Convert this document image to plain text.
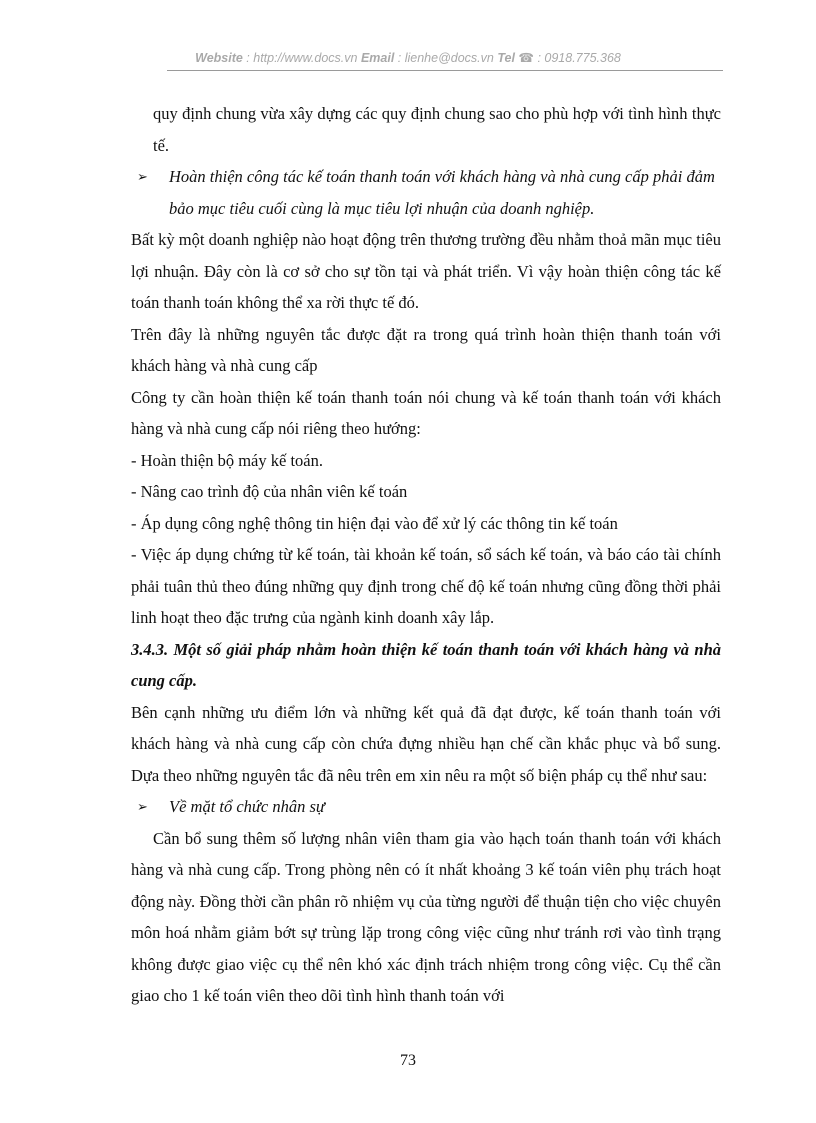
Website : http://www.docs.vn Email : lienhe@docs.vn Tel ☎ : 0918.775.368

quy định chung vừa xây dựng các quy định chung sao cho phù hợp với tình hình thực tế.

➢ Hoàn thiện công tác kế toán thanh toán với khách hàng và nhà cung cấp phải đảm bảo mục tiêu cuối cùng là mục tiêu lợi nhuận của doanh nghiệp.

Bất kỳ một doanh nghiệp nào hoạt động trên thương trường đều nhằm thoả mãn mục tiêu lợi nhuận. Đây còn là cơ sở cho sự tồn tại và phát triển. Vì vậy hoàn thiện công tác kế toán thanh toán không thể xa rời thực tế đó.

Trên đây là những nguyên tắc được đặt ra trong quá trình hoàn thiện thanh toán với khách hàng và nhà cung cấp

Công ty cần hoàn thiện kế toán thanh toán nói chung và kế toán thanh toán với khách hàng và nhà cung cấp nói riêng theo hướng:

- Hoàn thiện bộ máy kế toán.

- Nâng cao trình độ của nhân viên kế toán

- Áp dụng công nghệ thông tin hiện đại vào để xử lý các thông tin kế toán

- Việc áp dụng chứng từ kế toán, tài khoản kế toán, sổ sách kế toán, và báo cáo tài chính phải tuân thủ theo đúng những quy định trong chế độ kế toán nhưng cũng đồng thời phải linh hoạt theo đặc trưng của ngành kinh doanh xây lắp.

3.4.3. Một số giải pháp nhằm hoàn thiện kế toán thanh toán với khách hàng và nhà cung cấp.

Bên cạnh những ưu điểm lớn và những kết quả đã đạt được, kế toán thanh toán với khách hàng và nhà cung cấp còn chứa đựng nhiều hạn chế cần khắc phục và bổ sung. Dựa theo những nguyên tắc đã nêu trên em xin nêu ra một số biện pháp cụ thể như sau:

➢ Về mặt tổ chức nhân sự

Cần bổ sung thêm số lượng nhân viên tham gia vào hạch toán thanh toán với khách hàng và nhà cung cấp. Trong phòng nên có ít nhất khoảng 3 kế toán viên phụ trách hoạt động này. Đồng thời cần phân rõ nhiệm vụ của từng người để thuận tiện cho việc chuyên môn hoá nhằm giảm bớt sự trùng lặp trong công việc cũng như tránh rơi vào tình trạng không được giao việc cụ thể nên khó xác định trách nhiệm trong công việc. Cụ thể cần giao cho 1 kế toán viên theo dõi tình hình thanh toán với

73
